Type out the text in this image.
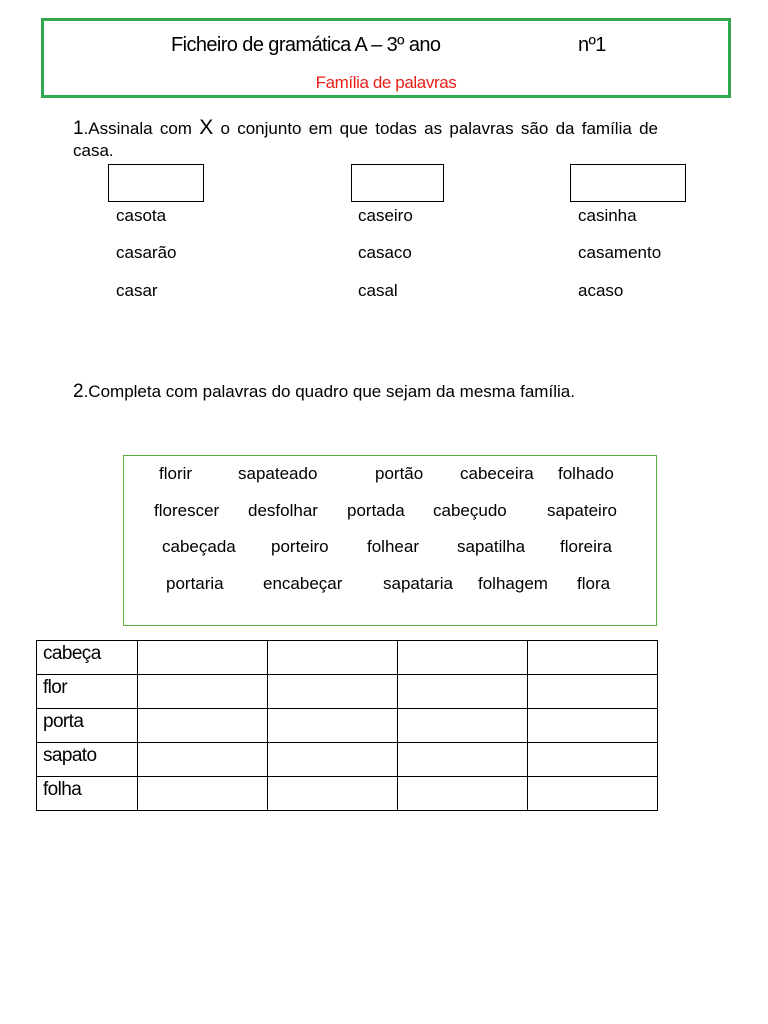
Ficheiro de gramática A – 3º ano	nº1
Família de palavras
1.Assinala com X o conjunto em que todas as palavras são da família de casa.
casota
casarão
casar
caseiro
casaco
casal
casinha
casamento
acaso
2.Completa com palavras do quadro que sejam da mesma família.
florir	sapateado	portão cabeceira folhado
florescer desfolhar portada cabeçudo sapateiro
cabeçada porteiro folhear sapatilha floreira
portaria encabeçar sapataria folhagem flora
cabeça				
flor				
porta				
sapato				
folha				
